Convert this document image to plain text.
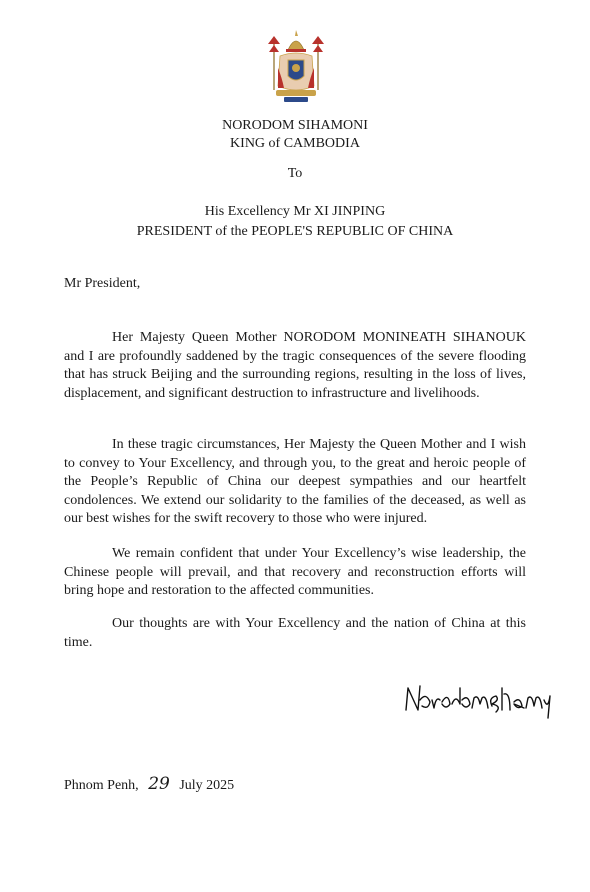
NORODOM SIHAMONI
KING of CAMBODIA
To
His Excellency Mr XI JINPING
PRESIDENT of the PEOPLE'S REPUBLIC OF CHINA
Mr President,
Her Majesty Queen Mother NORODOM MONINEATH SIHANOUK and I are profoundly saddened by the tragic consequences of the severe flooding that has struck Beijing and the surrounding regions, resulting in the loss of lives, displacement, and significant destruction to infrastructure and livelihoods.
In these tragic circumstances, Her Majesty the Queen Mother and I wish to convey to Your Excellency, and through you, to the great and heroic people of the People’s Republic of China our deepest sympathies and our heartfelt condolences. We extend our solidarity to the families of the deceased, as well as our best wishes for the swift recovery to those who were injured.
We remain confident that under Your Excellency’s wise leadership, the Chinese people will prevail, and that recovery and reconstruction efforts will bring hope and restoration to the affected communities.
Our thoughts are with Your Excellency and the nation of China at this time.
Phnom Penh, 29 July 2025
